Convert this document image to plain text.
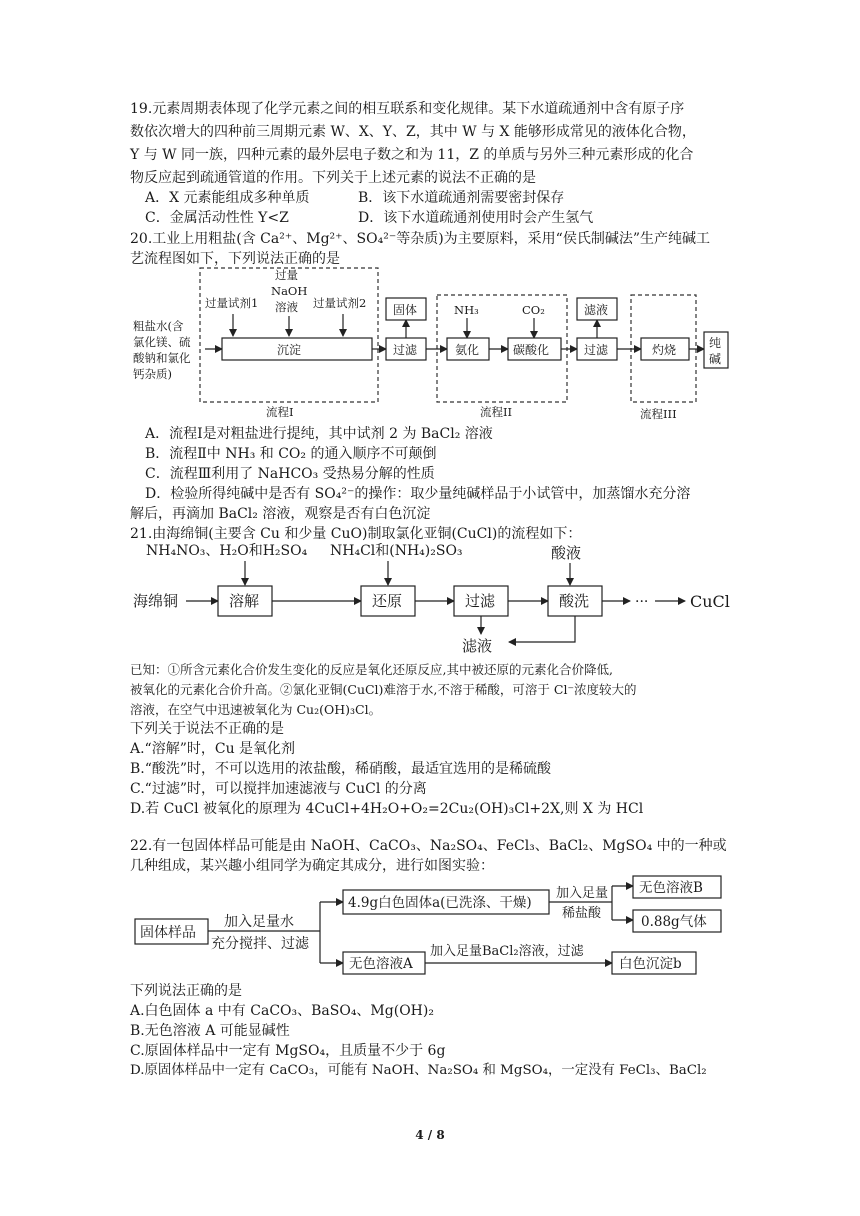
19.元素周期表体现了化学元素之间的相互联系和变化规律。某下水道疏通剂中含有原子序
数依次增大的四种前三周期元素 W、X、Y、Z，其中 W 与 X 能够形成常见的液体化合物，
Y 与 W 同一族，四种元素的最外层电子数之和为 11，Z 的单质与另外三种元素形成的化合
物反应起到疏通管道的作用。下列关于上述元素的说法不正确的是
A．X 元素能组成多种单质	B．该下水道疏通剂需要密封保存
C．金属活动性性 Y<Z	D．该下水道疏通剂使用时会产生氢气
20.工业上用粗盐(含 Ca²⁺、Mg²⁺、SO₄²⁻等杂质)为主要原料，采用“侯氏制碱法”生产纯碱工
艺流程图如下，下列说法正确的是
粗盐水(含
氯化镁、硫
酸钠和氯化
钙杂质)
过量试剂1
过量
NaOH
溶液 过量试剂2
沉淀	过滤
固体	NH₃	CO₂
氨化	碳酸化	过滤
滤液
灼烧	纯
碱
流程I	流程II	流程III
A．流程Ⅰ是对粗盐进行提纯，其中试剂 2 为 BaCl₂ 溶液
B．流程Ⅱ中 NH₃ 和 CO₂ 的通入顺序不可颠倒
C．流程Ⅲ利用了 NaHCO₃ 受热易分解的性质
D．检验所得纯碱中是否有 SO₄²⁻的操作：取少量纯碱样品于小试管中，加蒸馏水充分溶
解后，再滴加 BaCl₂ 溶液，观察是否有白色沉淀
21.由海绵铜(主要含 Cu 和少量 CuO)制取氯化亚铜(CuCl)的流程如下：
NH₄NO₃、H₂O和H₂SO₄ NH₄Cl和(NH₄)₂SO₃	酸液
海绵铜	溶解	还原	过滤	酸洗	···	CuCl
滤液
已知：①所含元素化合价发生变化的反应是氧化还原反应,其中被还原的元素化合价降低,
被氧化的元素化合价升高。②氯化亚铜(CuCl)难溶于水,不溶于稀酸，可溶于 Cl⁻浓度较大的
溶液，在空气中迅速被氧化为 Cu₂(OH)₃Cl。
下列关于说法不正确的是
A.“溶解”时，Cu 是氧化剂
B.“酸洗”时，不可以选用的浓盐酸，稀硝酸，最适宜选用的是稀硫酸
C.“过滤”时，可以搅拌加速滤液与 CuCl 的分离
D.若 CuCl 被氧化的原理为 4CuCl+4H₂O+O₂=2Cu₂(OH)₃Cl+2X,则 X 为 HCl
22.有一包固体样品可能是由 NaOH、CaCO₃、Na₂SO₄、FeCl₃、BaCl₂、MgSO₄ 中的一种或
几种组成，某兴趣小组同学为确定其成分，进行如图实验：
固体样品
加入足量水
充分搅拌、过滤
4.9g白色固体a(已洗涤、干燥)
加入足量
稀盐酸
无色溶液B
0.88g气体
无色溶液A
加入足量BaCl₂溶液，过滤
白色沉淀b
下列说法正确的是
A.白色固体 a 中有 CaCO₃、BaSO₄、Mg(OH)₂
B.无色溶液 A 可能显碱性
C.原固体样品中一定有 MgSO₄，且质量不少于 6g
D.原固体样品中一定有 CaCO₃，可能有 NaOH、Na₂SO₄ 和 MgSO₄，一定没有 FeCl₃、BaCl₂
4 / 8
